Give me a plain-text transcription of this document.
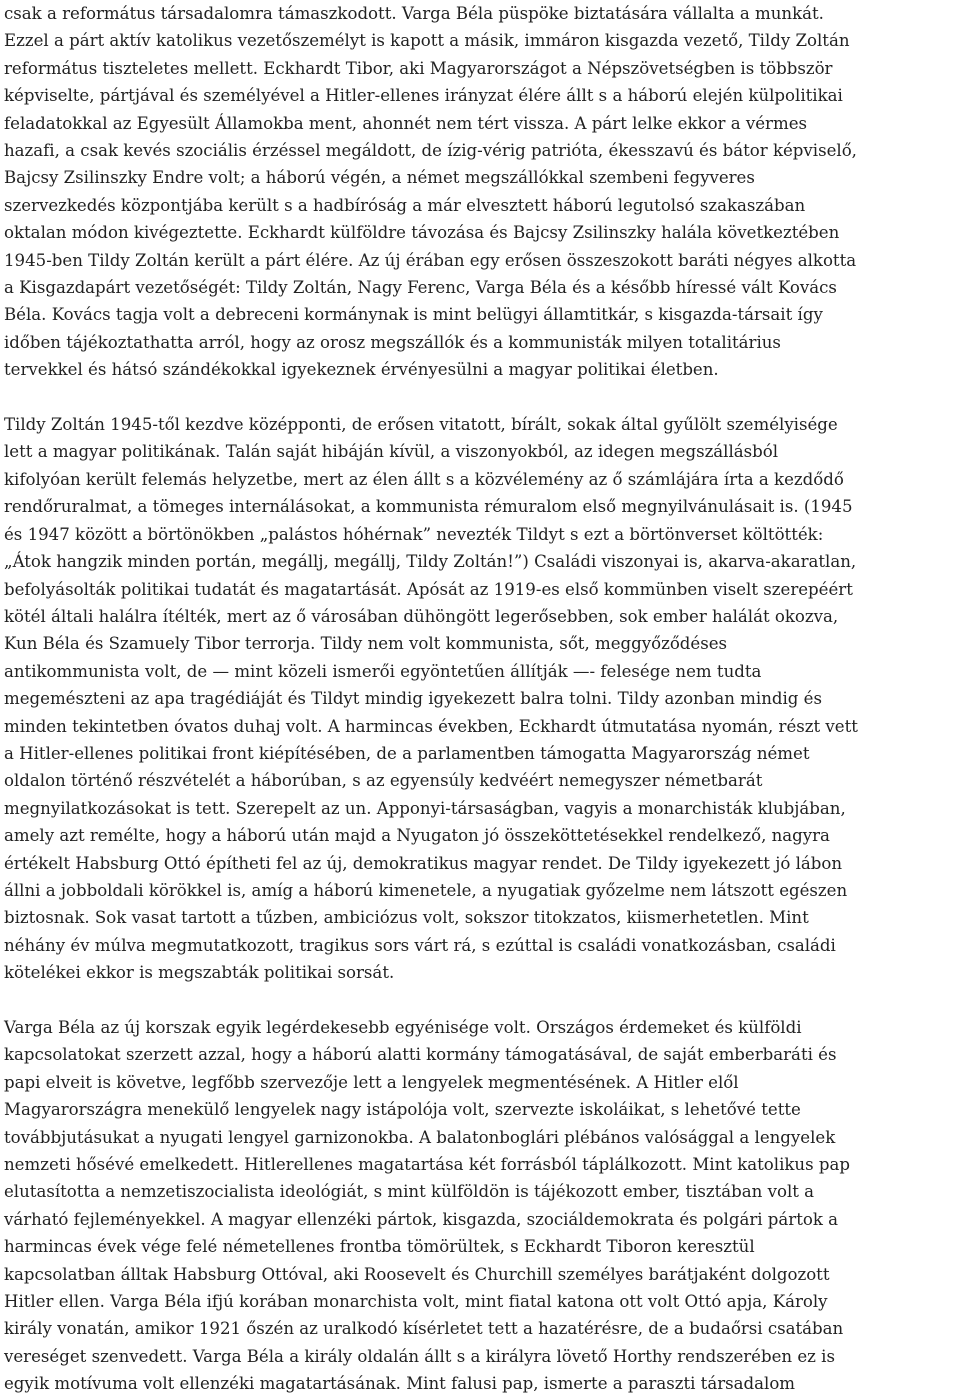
csak a református társadalomra támaszkodott. Varga Béla püspöke biztatására vállalta a munkát.
Ezzel a párt aktív katolikus vezetőszemélyt is kapott a másik, immáron kisgazda vezető, Tildy Zoltán
református tiszteletes mellett. Eckhardt Tibor, aki Magyarországot a Népszövetségben is többször
képviselte, pártjával és személyével a Hitler-ellenes irányzat élére állt s a háború elején külpolitikai
feladatokkal az Egyesült Államokba ment, ahonnét nem tért vissza. A párt lelke ekkor a vérmes
hazafi, a csak kevés szociális érzéssel megáldott, de ízig-vérig patrióta, ékesszavú és bátor képviselő,
Bajcsy Zsilinszky Endre volt; a háború végén, a német megszállókkal szembeni fegyveres
szervezkedés központjába került s a hadbíróság a már elvesztett háború legutolsó szakaszában
oktalan módon kivégeztette. Eckhardt külföldre távozása és Bajcsy Zsilinszky halála következtében
1945-ben Tildy Zoltán került a párt élére. Az új érában egy erősen összeszokott baráti négyes alkotta
a Kisgazdapárt vezetőségét: Tildy Zoltán, Nagy Ferenc, Varga Béla és a később híressé vált Kovács
Béla. Kovács tagja volt a debreceni kormánynak is mint belügyi államtitkár, s kisgazda-társait így
időben tájékoztathatta arról, hogy az orosz megszállók és a kommunisták milyen totalitárius
tervekkel és hátsó szándékokkal igyekeznek érvényesülni a magyar politikai életben.

Tildy Zoltán 1945-től kezdve középponti, de erősen vitatott, bírált, sokak által gyűlölt személyisége
lett a magyar politikának. Talán saját hibáján kívül, a viszonyokból, az idegen megszállásból
kifolyóan került felemás helyzetbe, mert az élen állt s a közvélemény az ő számlájára írta a kezdődő
rendőruralmat, a tömeges internálásokat, a kommunista rémuralom első megnyilvánulásait is. (1945
és 1947 között a börtönökben „palástos hóhérnak” nevezték Tildyt s ezt a börtönverset költötték:
„Átok hangzik minden portán, megállj, megállj, Tildy Zoltán!”) Családi viszonyai is, akarva-akaratlan,
befolyásolták politikai tudatát és magatartását. Apósát az 1919-es első kommünben viselt szerepéért
kötél általi halálra ítélték, mert az ő városában dühöngött legerősebben, sok ember halálát okozva,
Kun Béla és Szamuely Tibor terrorja. Tildy nem volt kommunista, sőt, meggyőződéses
antikommunista volt, de — mint közeli ismerői egyöntetűen állítják —- felesége nem tudta
megemészteni az apa tragédiáját és Tildyt mindig igyekezett balra tolni. Tildy azonban mindig és
minden tekintetben óvatos duhaj volt. A harmincas években, Eckhardt útmutatása nyomán, részt vett
a Hitler-ellenes politikai front kiépítésében, de a parlamentben támogatta Magyarország német
oldalon történő részvételét a háborúban, s az egyensúly kedvéért nemegyszer németbarát
megnyilatkozásokat is tett. Szerepelt az un. Apponyi-társaságban, vagyis a monarchisták klubjában,
amely azt remélte, hogy a háború után majd a Nyugaton jó összeköttetésekkel rendelkező, nagyra
értékelt Habsburg Ottó építheti fel az új, demokratikus magyar rendet. De Tildy igyekezett jó lábon
állni a jobboldali körökkel is, amíg a háború kimenetele, a nyugatiak győzelme nem látszott egészen
biztosnak. Sok vasat tartott a tűzben, ambiciózus volt, sokszor titokzatos, kiismerhetetlen. Mint
néhány év múlva megmutatkozott, tragikus sors várt rá, s ezúttal is családi vonatkozásban, családi
kötelékei ekkor is megszabták politikai sorsát.

Varga Béla az új korszak egyik legérdekesebb egyénisége volt. Országos érdemeket és külföldi
kapcsolatokat szerzett azzal, hogy a háború alatti kormány támogatásával, de saját emberbaráti és
papi elveit is követve, legfőbb szervezője lett a lengyelek megmentésének. A Hitler elől
Magyarországra menekülő lengyelek nagy istápolója volt, szervezte iskoláikat, s lehetővé tette
továbbjutásukat a nyugati lengyel garnizonokba. A balatonboglári plébános valósággal a lengyelek
nemzeti hősévé emelkedett. Hitlerellenes magatartása két forrásból táplálkozott. Mint katolikus pap
elutasította a nemzetiszocialista ideológiát, s mint külföldön is tájékozott ember, tisztában volt a
várható fejleményekkel. A magyar ellenzéki pártok, kisgazda, szociáldemokrata és polgári pártok a
harmincas évek vége felé németellenes frontba tömörültek, s Eckhardt Tiboron keresztül
kapcsolatban álltak Habsburg Ottóval, aki Roosevelt és Churchill személyes barátjaként dolgozott
Hitler ellen. Varga Béla ifjú korában monarchista volt, mint fiatal katona ott volt Ottó apja, Károly
király vonatán, amikor 1921 őszén az uralkodó kísérletet tett a hazatérésre, de a budaőrsi csatában
vereséget szenvedett. Varga Béla a király oldalán állt s a királyra lövető Horthy rendszerében ez is
egyik motívuma volt ellenzéki magatartásának. Mint falusi pap, ismerte a paraszti társadalom
